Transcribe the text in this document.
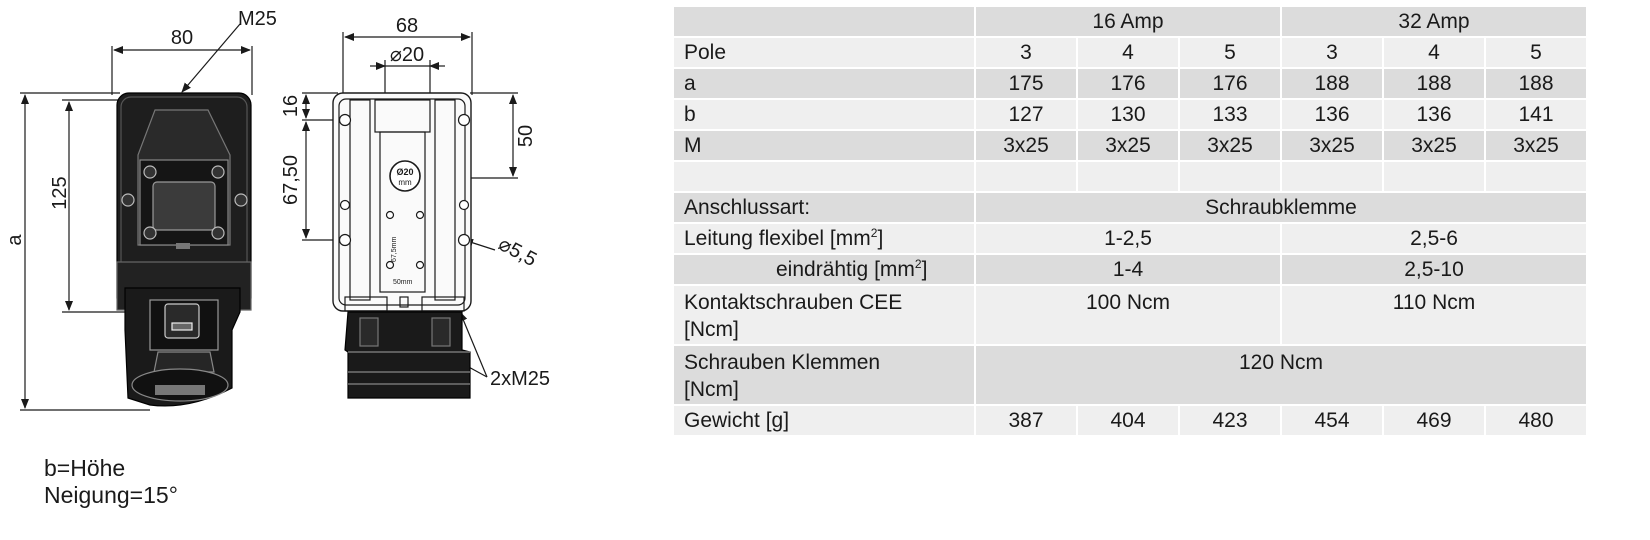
80
M25
125
a
Ø20
mm
67,5mm
50mm
68
⌀20
16
67,50
50
⌀5,5
2xM25
b=Höhe
Neigung=15°
	16 Amp			32 Amp		
Pole	3	4	5	3	4	5
a	175	176	176	188	188	188
b	127	130	133	136	136	141
M	3x25	3x25	3x25	3x25	3x25	3x25

Anschlussart:	Schraubklemme					
Leitung flexibel $[mm^2]$	1-2,5			2,5-6		
eindrähtig $[mm^2]$	1-4			2,5-10		
Kontaktschrauben CEE
[Ncm]	100 Ncm			110 Ncm		
Schrauben Klemmen
[Ncm]	120 Ncm					
Gewicht [g]	387	404	423	454	469	480
